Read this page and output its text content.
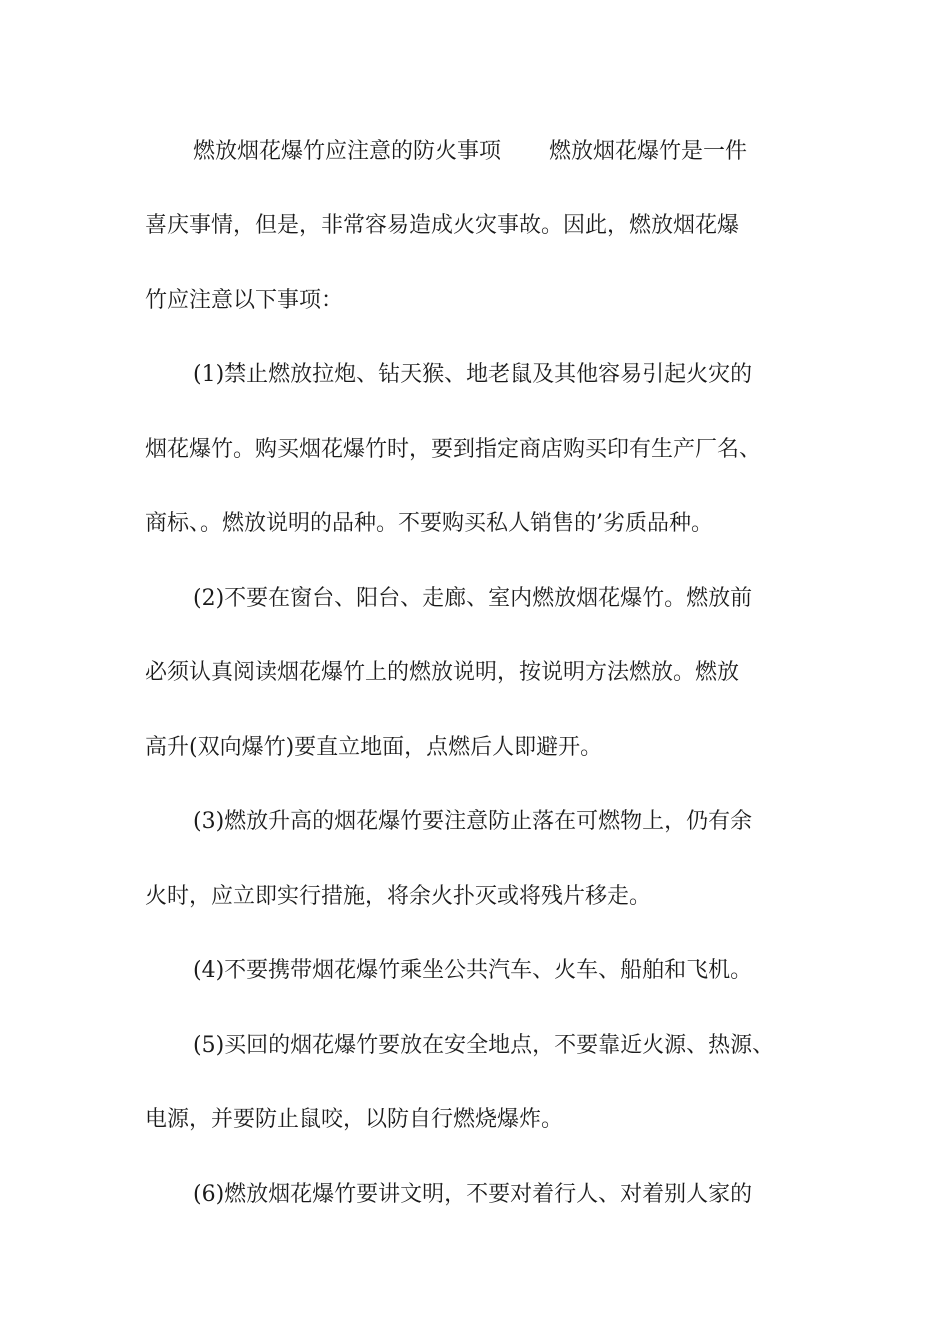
燃放烟花爆竹应注意的防火事项 燃放烟花爆竹是一件
喜庆事情，但是，非常容易造成火灾事故。因此，燃放烟花爆
竹应注意以下事项：
(1)禁止燃放拉炮、钻天猴、地老鼠及其他容易引起火灾的
烟花爆竹。购买烟花爆竹时，要到指定商店购买印有生产厂名、
商标、。燃放说明的品种。不要购买私人销售的’劣质品种。
(2)不要在窗台、阳台、走廊、室内燃放烟花爆竹。燃放前
必须认真阅读烟花爆竹上的燃放说明，按说明方法燃放。燃放
高升(双向爆竹)要直立地面，点燃后人即避开。
(3)燃放升高的烟花爆竹要注意防止落在可燃物上，仍有余
火时，应立即实行措施，将余火扑灭或将残片移走。
(4)不要携带烟花爆竹乘坐公共汽车、火车、船舶和飞机。
(5)买回的烟花爆竹要放在安全地点，不要靠近火源、热源、
电源，并要防止鼠咬，以防自行燃烧爆炸。
(6)燃放烟花爆竹要讲文明，不要对着行人、对着别人家的
